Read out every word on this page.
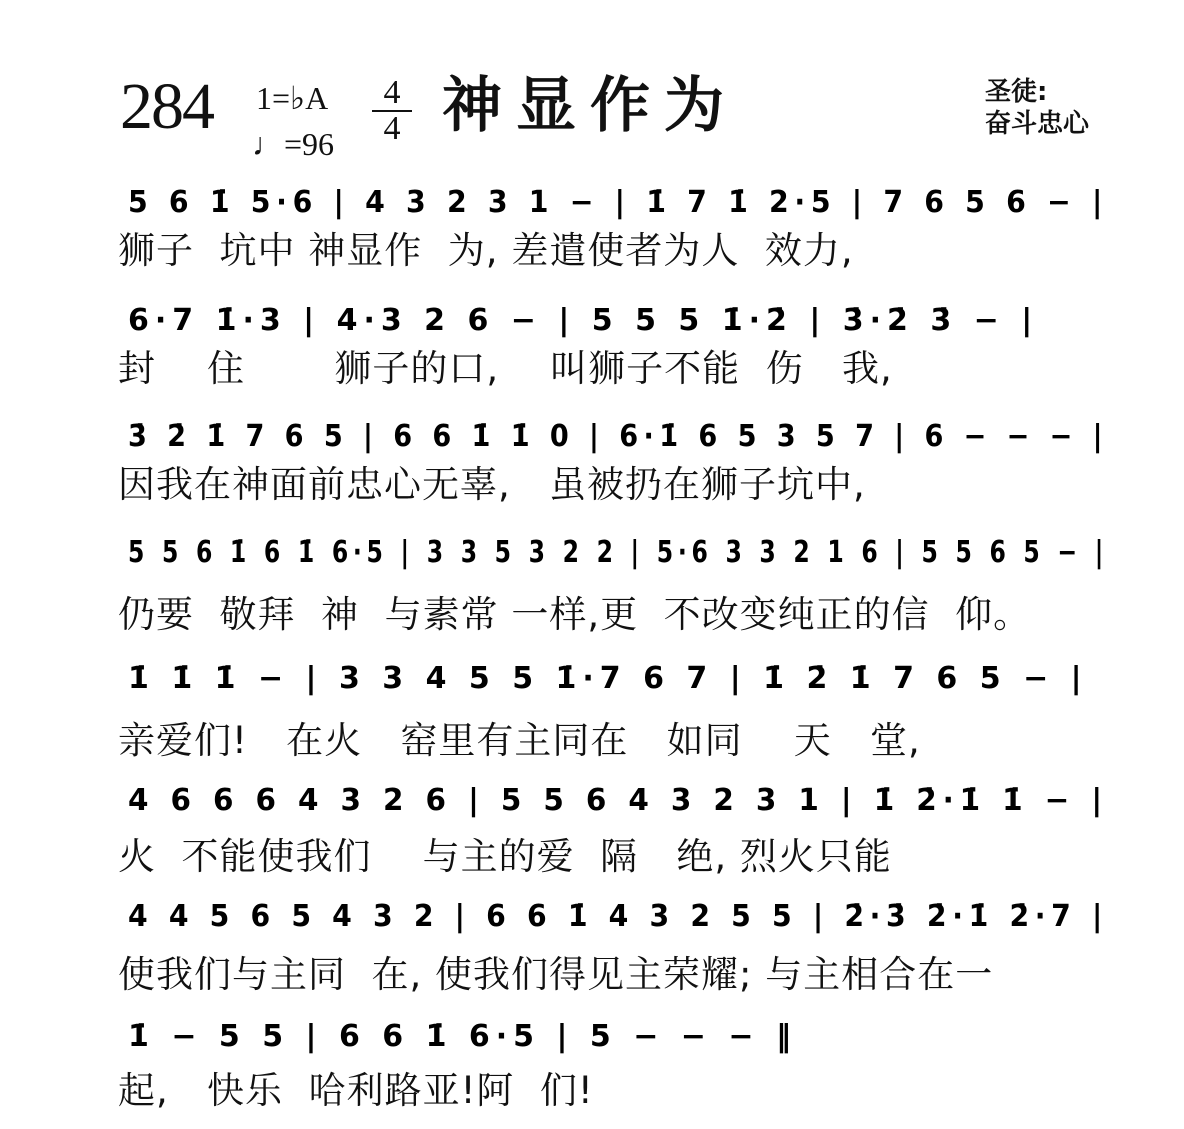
284 1=♭A
♩=96
4
4 神显作为	圣徒:
奋斗忠心
5 6 1̇ 5·6 | 4 3 2 3 1 − | 1̇ 7 1̇ 2·5 | 7 6 5 6 − |
狮子  坑中 神显作  为, 差遣使者为人  效力,
6·7 1̇·3 | 4·3 2 6 − | 5 5 5 1̇·2̇ | 3̇·2̇ 3̇ − |
封    住       狮子的口,    叫狮子不能  伤   我,
3̇ 2̇ 1̇ 7 6 5 | 6 6 1̇ 1̇ 0 | 6·1̇ 6 5 3 5 7 | 6 − − − |
因我在神面前忠心无辜,   虽被扔在狮子坑中,
5 5 6 1̇ 6 1̇ 6·5 | 3 3 5 3 2 2 | 5·6 3 3 2 1 6 | 5 5 6 5 − |
仍要  敬拜  神  与素常 一样,更  不改变纯正的信  仰。
1̇ 1̇ 1̇ − | 3 3 4 5 5 1̇·7 6 7 | 1̇ 2̇ 1̇ 7 6 5 − |
亲爱们!   在火   窑里有主同在   如同    天   堂,
4 6 6 6 4 3 2 6 | 5 5 6 4 3 2 3 1 | 1̇ 2̇·1̇ 1̇ − |
火  不能使我们    与主的爱  隔   绝, 烈火只能
4 4 5 6 5 4 3 2 | 6 6 1̇ 4 3 2 5 5 | 2̇·3̇ 2̇·1̇ 2̇·7 |
使我们与主同  在, 使我们得见主荣耀; 与主相合在一
1̇ − 5 5 | 6 6 1̇ 6·5 | 5 − − − ‖
起,   快乐  哈利路亚!阿  们!
